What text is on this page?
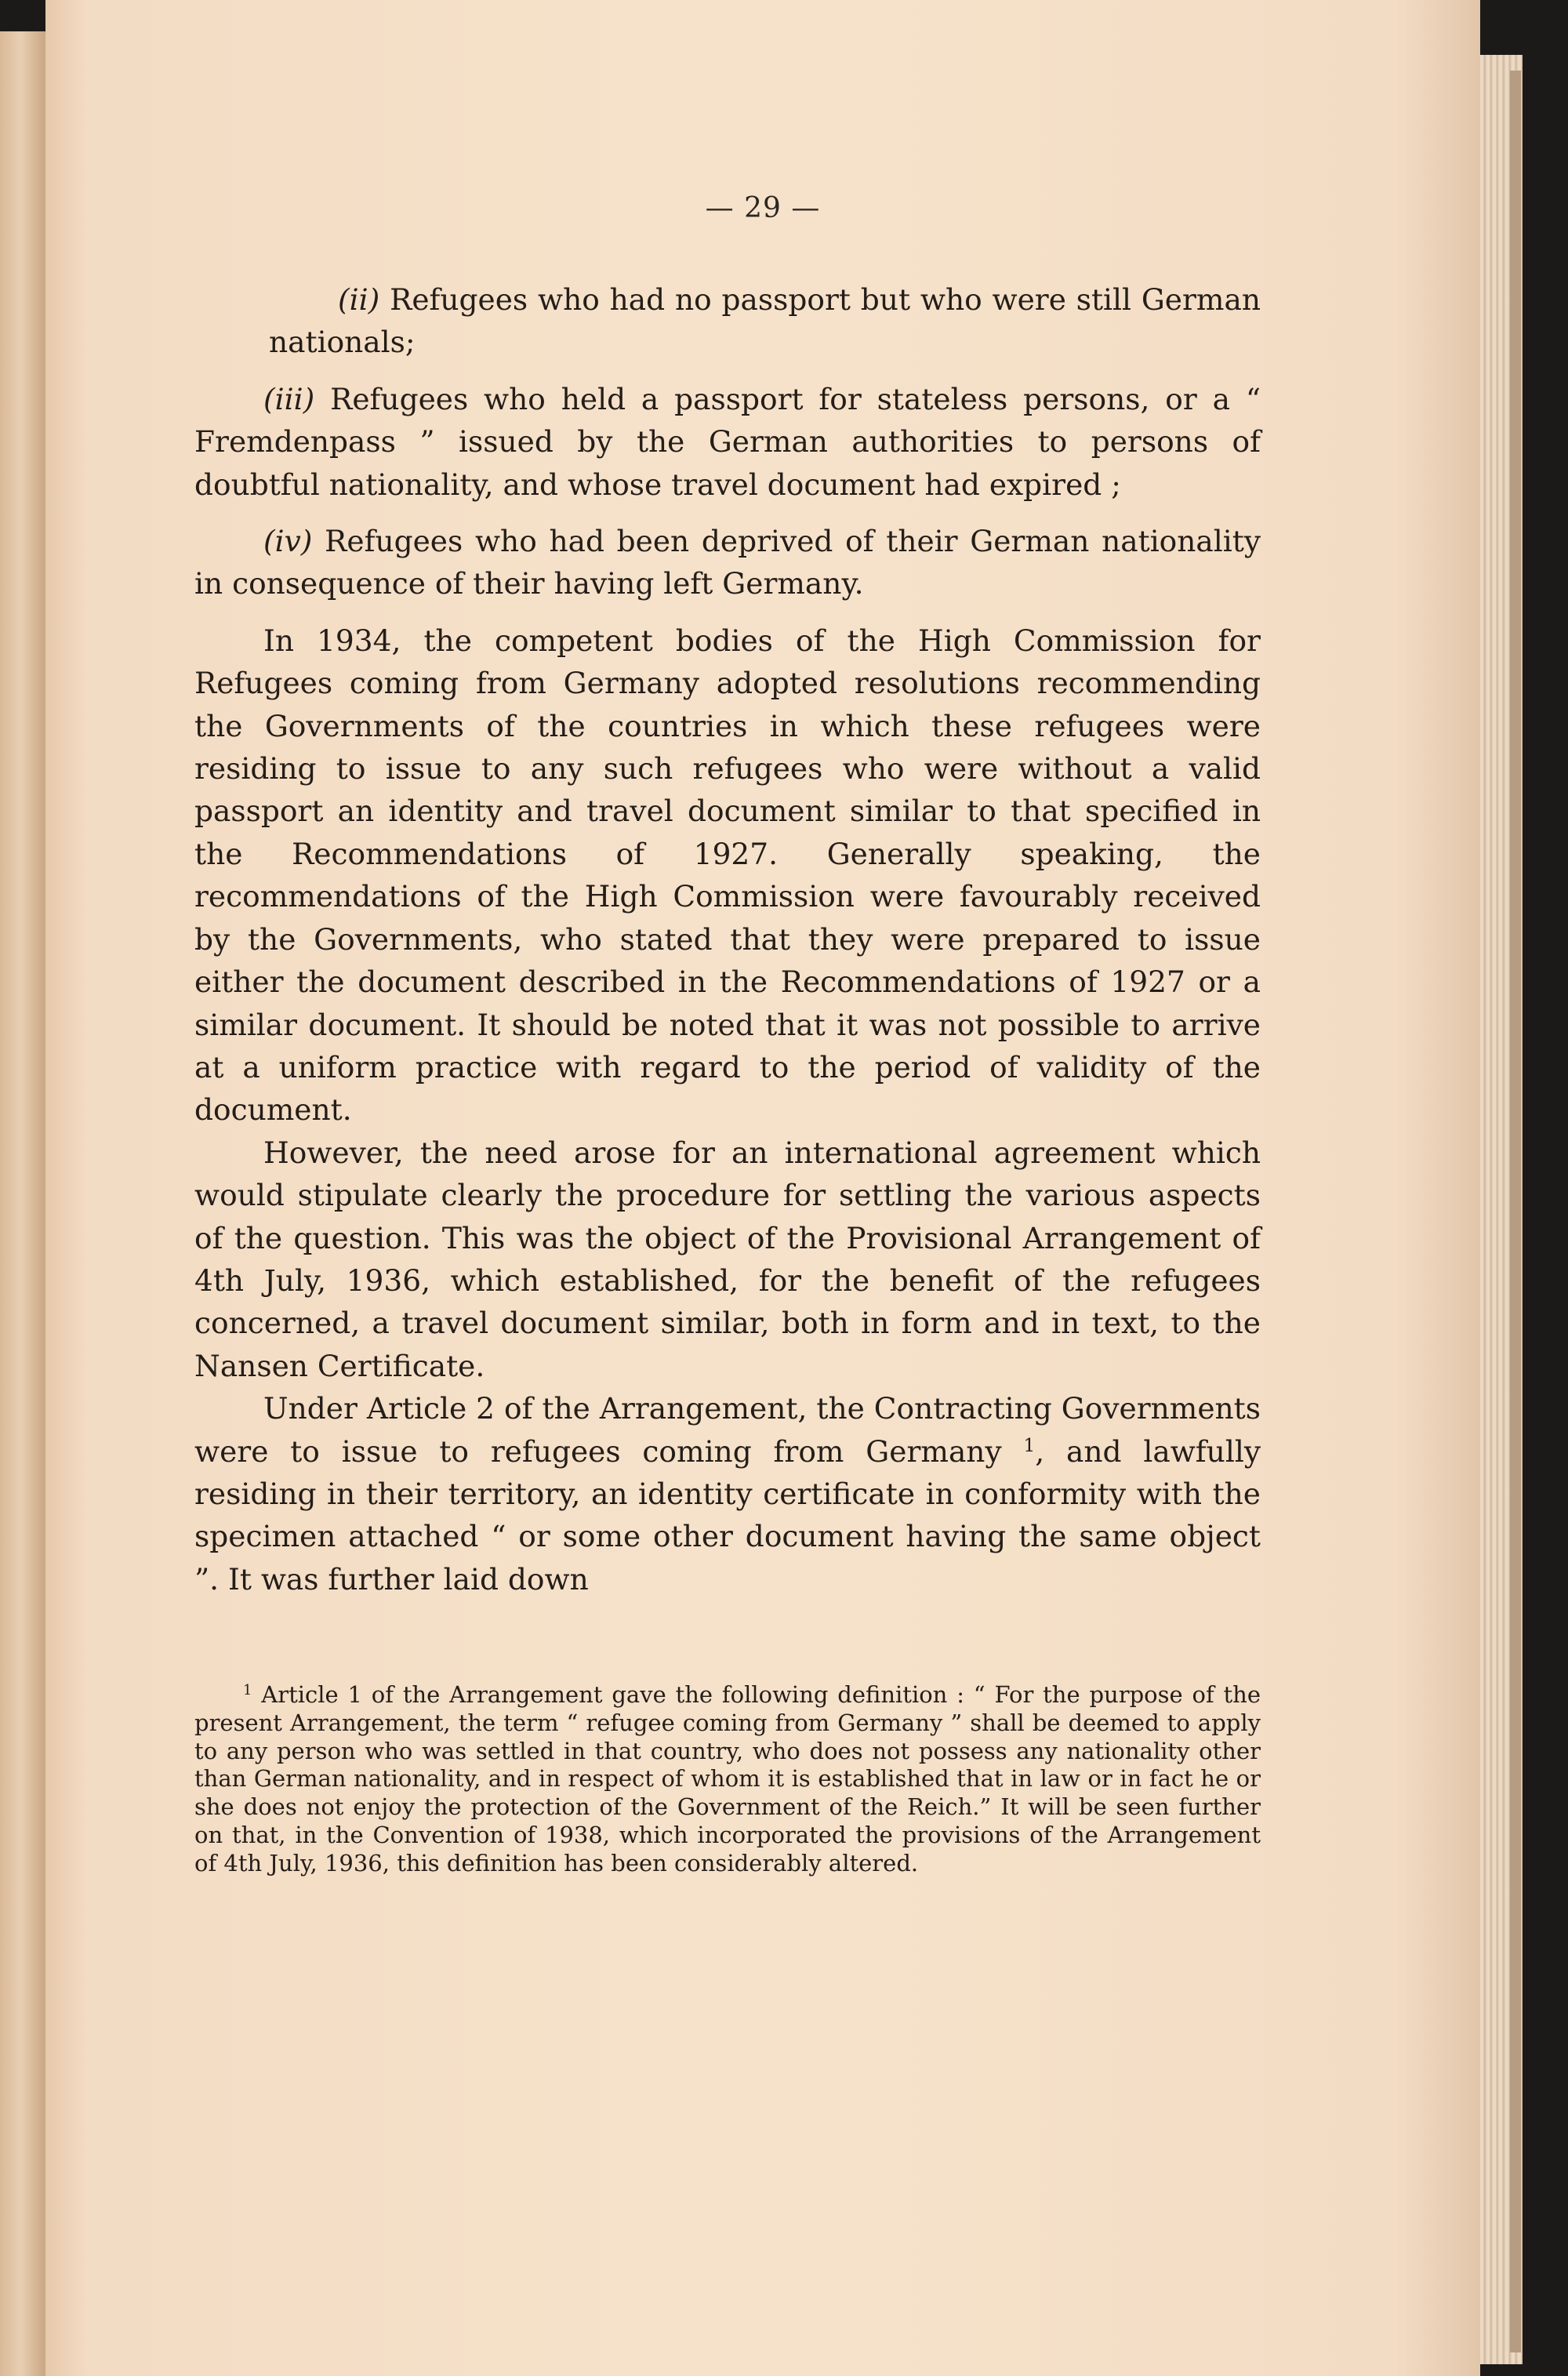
— 29 —

(ii) Refugees who had no passport but who were still German nationals;

(iii) Refugees who held a passport for stateless persons, or a “ Fremdenpass ” issued by the German authorities to persons of doubtful nationality, and whose travel document had expired ;

(iv) Refugees who had been deprived of their German nationality in consequence of their having left Germany.

In 1934, the competent bodies of the High Commission for Refugees coming from Germany adopted resolutions recommending the Governments of the countries in which these refugees were residing to issue to any such refugees who were without a valid passport an identity and travel document similar to that specified in the Recommendations of 1927. Generally speaking, the recommendations of the High Commission were favourably received by the Governments, who stated that they were prepared to issue either the document described in the Recommendations of 1927 or a similar document. It should be noted that it was not possible to arrive at a uniform practice with regard to the period of validity of the document.

However, the need arose for an international agreement which would stipulate clearly the procedure for settling the various aspects of the question. This was the object of the Provisional Arrangement of 4th July, 1936, which established, for the benefit of the refugees concerned, a travel document similar, both in form and in text, to the Nansen Certificate.

Under Article 2 of the Arrangement, the Contracting Governments were to issue to refugees coming from Germany $^1$, and lawfully residing in their territory, an identity certificate in conformity with the specimen attached “ or some other document having the same object ”. It was further laid down

$^1$ Article 1 of the Arrangement gave the following definition : “ For the purpose of the present Arrangement, the term “ refugee coming from Germany ” shall be deemed to apply to any person who was settled in that country, who does not possess any nationality other than German nationality, and in respect of whom it is established that in law or in fact he or she does not enjoy the protection of the Government of the Reich.” It will be seen further on that, in the Convention of 1938, which incorporated the provisions of the Arrangement of 4th July, 1936, this definition has been considerably altered.
